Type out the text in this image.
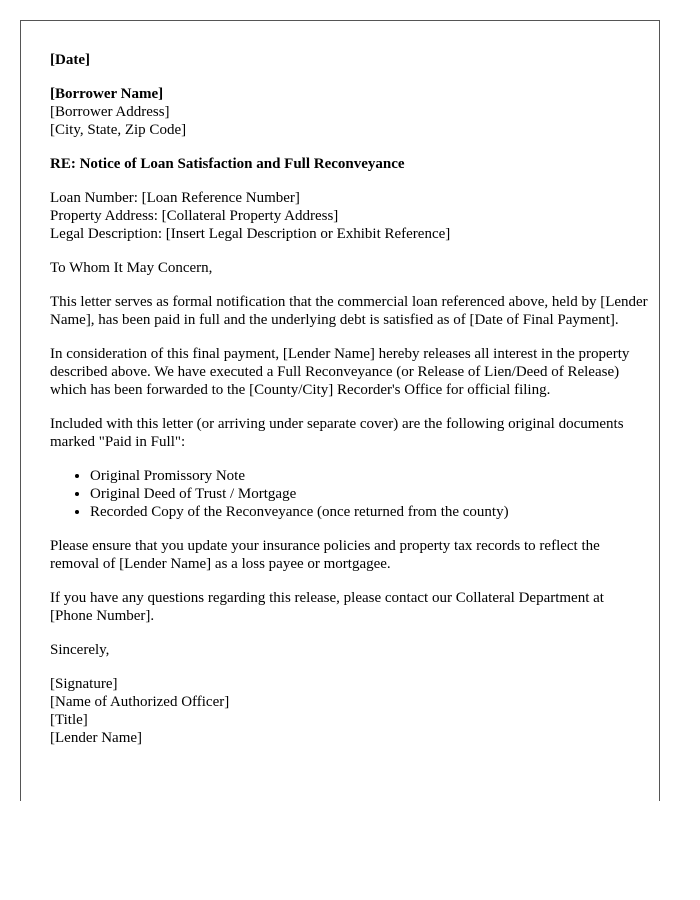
[Date]
[Borrower Name]
[Borrower Address]
[City, State, Zip Code]
RE: Notice of Loan Satisfaction and Full Reconveyance
Loan Number: [Loan Reference Number]
Property Address: [Collateral Property Address]
Legal Description: [Insert Legal Description or Exhibit Reference]

To Whom It May Concern,

This letter serves as formal notification that the commercial loan referenced above, held by [Lender Name], has been paid in full and the underlying debt is satisfied as of [Date of Final Payment].

In consideration of this final payment, [Lender Name] hereby releases all interest in the property described above. We have executed a Full Reconveyance (or Release of Lien/Deed of Release) which has been forwarded to the [County/City] Recorder's Office for official filing.

Included with this letter (or arriving under separate cover) are the following original documents marked "Paid in Full":

• Original Promissory Note
• Original Deed of Trust / Mortgage
• Recorded Copy of the Reconveyance (once returned from the county)

Please ensure that you update your insurance policies and property tax records to reflect the removal of [Lender Name] as a loss payee or mortgagee.

If you have any questions regarding this release, please contact our Collateral Department at [Phone Number].

Sincerely,

[Signature]
[Name of Authorized Officer]
[Title]
[Lender Name]
